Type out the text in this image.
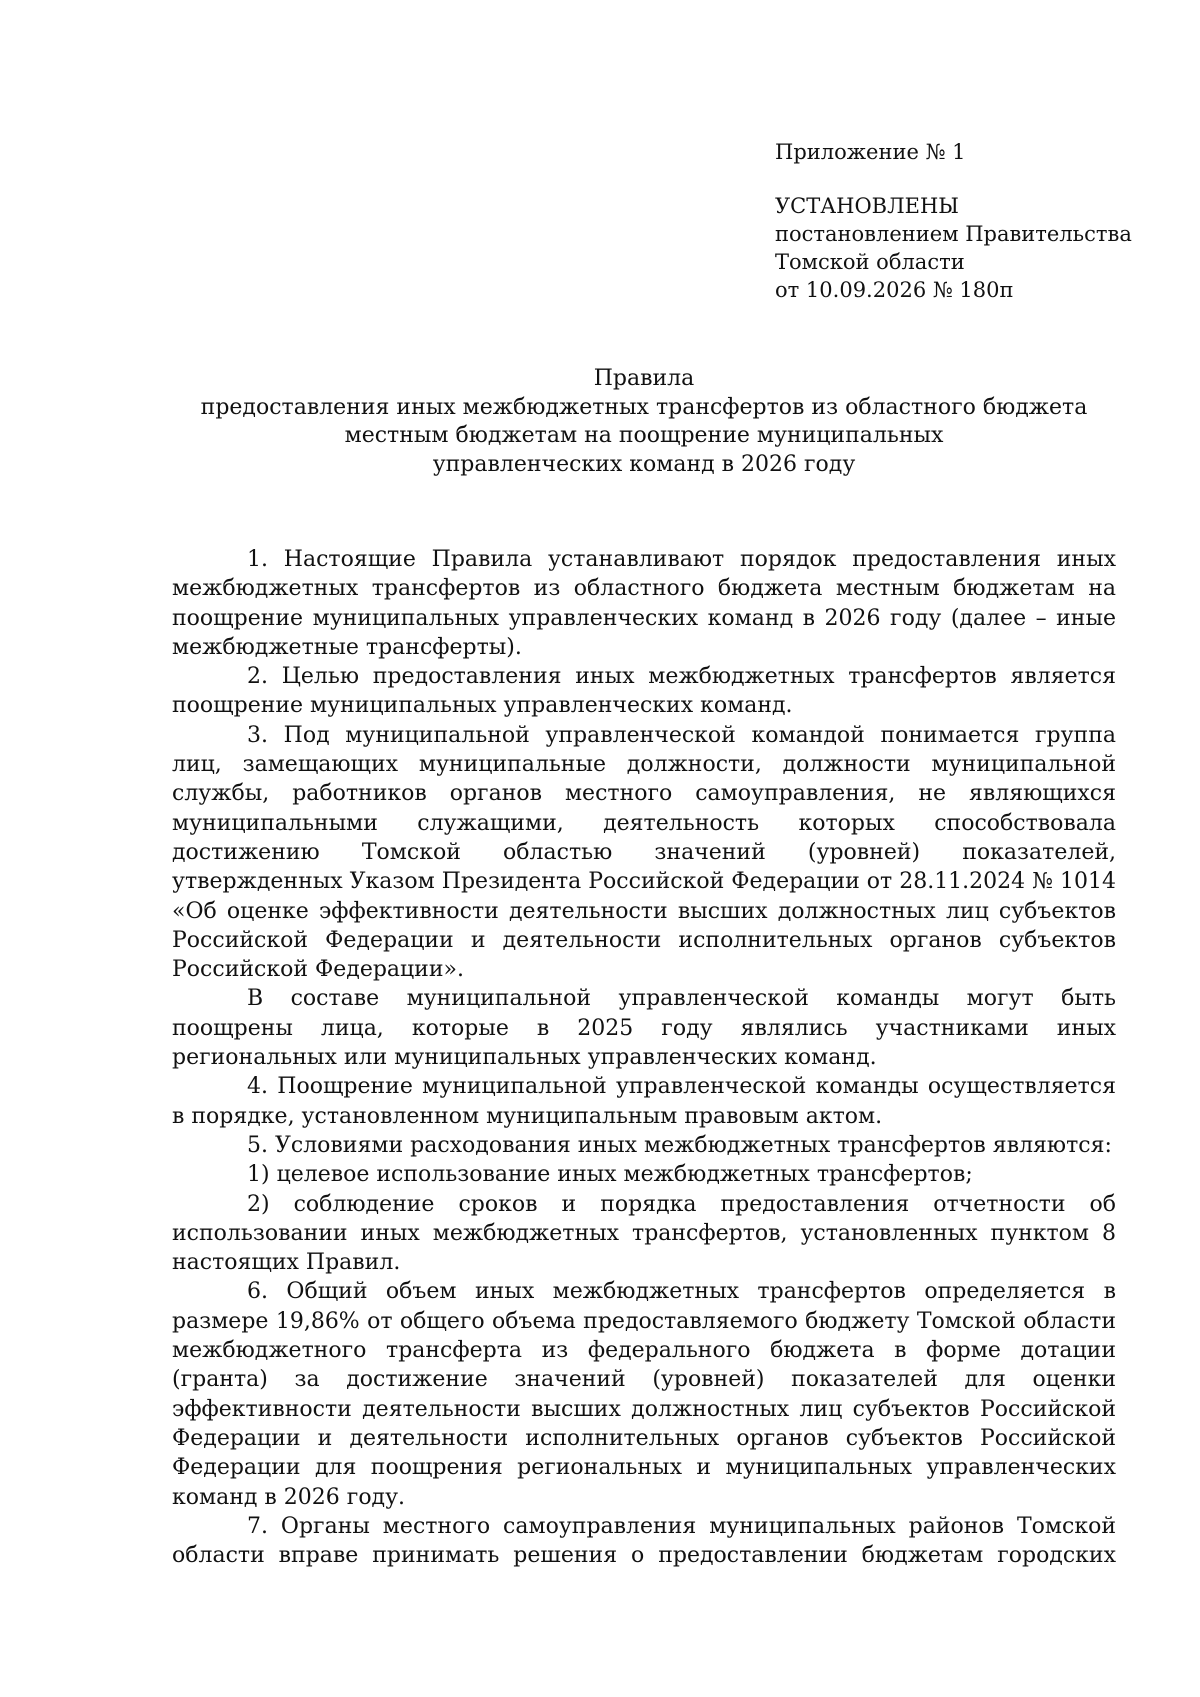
Приложение № 1
УСТАНОВЛЕНЫ
постановлением Правительства
Томской области
от 10.09.2026 № 180п
Правила
предоставления иных межбюджетных трансфертов из областного бюджета
местным бюджетам на поощрение муниципальных
управленческих команд в 2026 году

1. Настоящие Правила устанавливают порядок предоставления иных межбюджетных трансфертов из областного бюджета местным бюджетам на поощрение муниципальных управленческих команд в 2026 году (далее – иные межбюджетные трансферты).

2. Целью предоставления иных межбюджетных трансфертов является поощрение муниципальных управленческих команд.

3. Под муниципальной управленческой командой понимается группа лиц, замещающих муниципальные должности, должности муниципальной службы, работников органов местного самоуправления, не являющихся муниципальными служащими, деятельность которых способствовала достижению Томской областью значений (уровней) показателей, утвержденных Указом Президента Российской Федерации от 28.11.2024 № 1014 «Об оценке эффективности деятельности высших должностных лиц субъектов Российской Федерации и деятельности исполнительных органов субъектов Российской Федерации».

В составе муниципальной управленческой команды могут быть поощрены лица, которые в 2025 году являлись участниками иных региональных или муниципальных управленческих команд.

4. Поощрение муниципальной управленческой команды осуществляется в порядке, установленном муниципальным правовым актом.

5. Условиями расходования иных межбюджетных трансфертов являются:

1) целевое использование иных межбюджетных трансфертов;

2) соблюдение сроков и порядка предоставления отчетности об использовании иных межбюджетных трансфертов, установленных пунктом 8 настоящих Правил.

6. Общий объем иных межбюджетных трансфертов определяется в размере 19,86% от общего объема предоставляемого бюджету Томской области межбюджетного трансферта из федерального бюджета в форме дотации (гранта) за достижение значений (уровней) показателей для оценки эффективности деятельности высших должностных лиц субъектов Российской Федерации и деятельности исполнительных органов субъектов Российской Федерации для поощрения региональных и муниципальных управленческих команд в 2026 году.

7. Органы местного самоуправления муниципальных районов Томской области вправе принимать решения о предоставлении бюджетам городских
